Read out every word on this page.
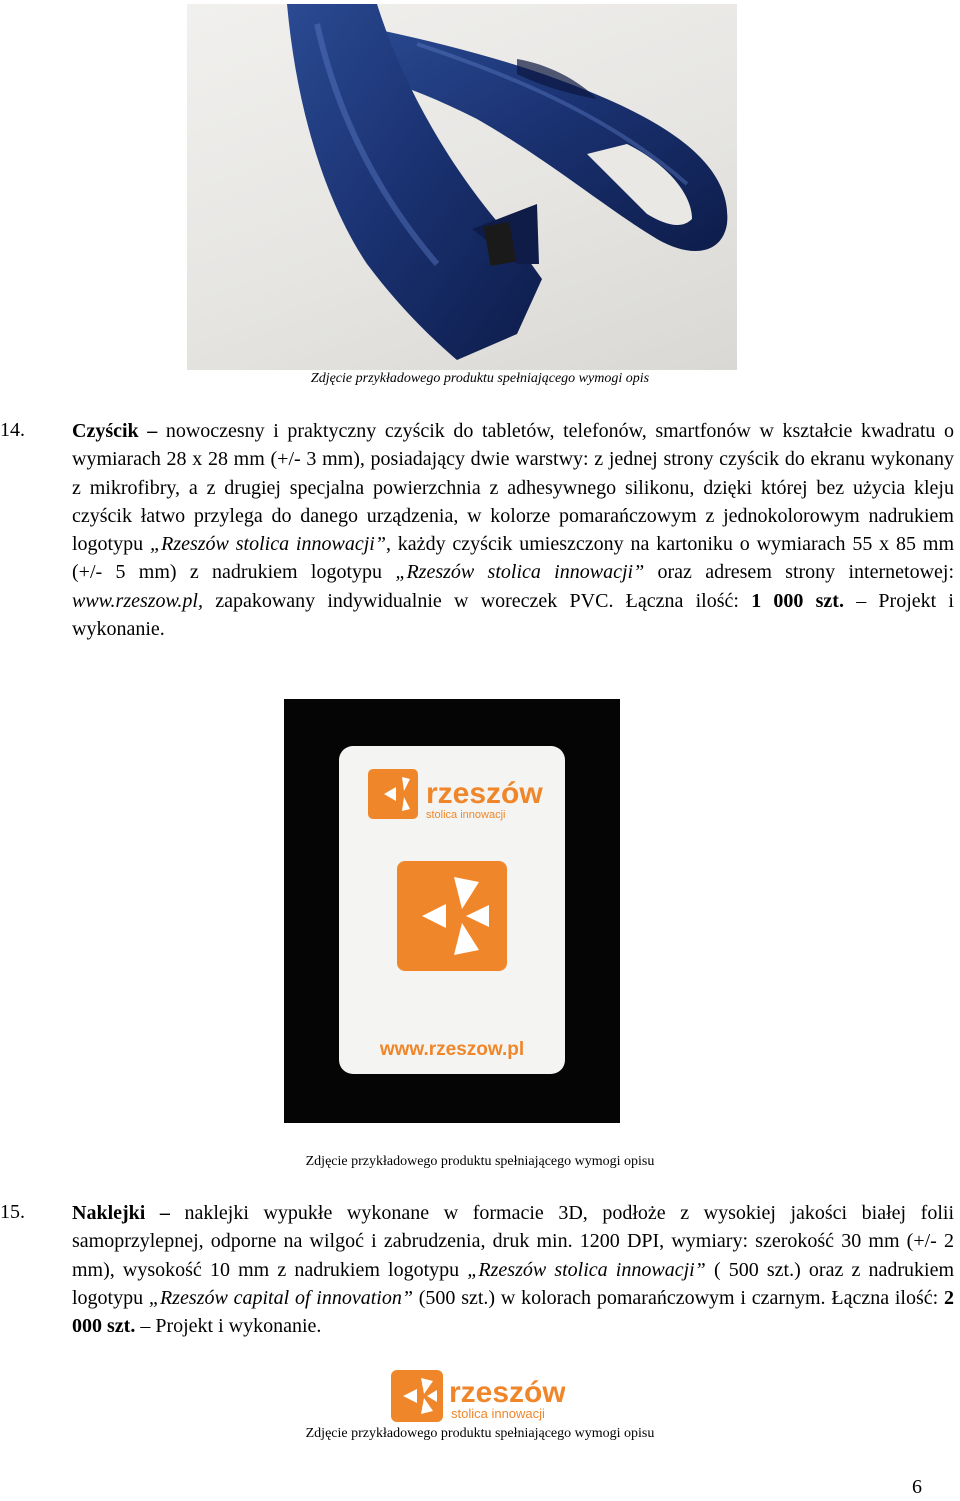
Zdjęcie przykładowego produktu spełniającego wymogi opis
14. Czyścik – nowoczesny i praktyczny czyścik do tabletów, telefonów, smartfonów w kształcie kwadratu o wymiarach 28 x 28 mm (+/- 3 mm), posiadający dwie warstwy: z jednej strony czyścik do ekranu wykonany z mikrofibry, a z drugiej specjalna powierzchnia z adhesywnego silikonu, dzięki której bez użycia kleju czyścik łatwo przylega do danego urządzenia, w kolorze pomarańczowym z jednokolorowym nadrukiem logotypu „Rzeszów stolica innowacji”, każdy czyścik umieszczony na kartoniku o wymiarach 55 x 85 mm (+/- 5 mm) z nadrukiem logotypu „Rzeszów stolica innowacji” oraz adresem strony internetowej: www.rzeszow.pl, zapakowany indywidualnie w woreczek PVC. Łączna ilość: 1 000 szt. – Projekt i wykonanie.
rzeszów
stolica innowacji
www.rzeszow.pl
Zdjęcie przykładowego produktu spełniającego wymogi opisu
15. Naklejki – naklejki wypukłe wykonane w formacie 3D, podłoże z wysokiej jakości białej folii samoprzylepnej, odporne na wilgoć i zabrudzenia, druk min. 1200 DPI, wymiary: szerokość 30 mm (+/- 2 mm), wysokość 10 mm z nadrukiem logotypu „Rzeszów stolica innowacji” ( 500 szt.) oraz z nadrukiem logotypu „Rzeszów capital of innovation” (500 szt.) w kolorach pomarańczowym i czarnym. Łączna ilość: 2 000 szt. – Projekt i wykonanie.
rzeszów
stolica innowacji
Zdjęcie przykładowego produktu spełniającego wymogi opisu
6
